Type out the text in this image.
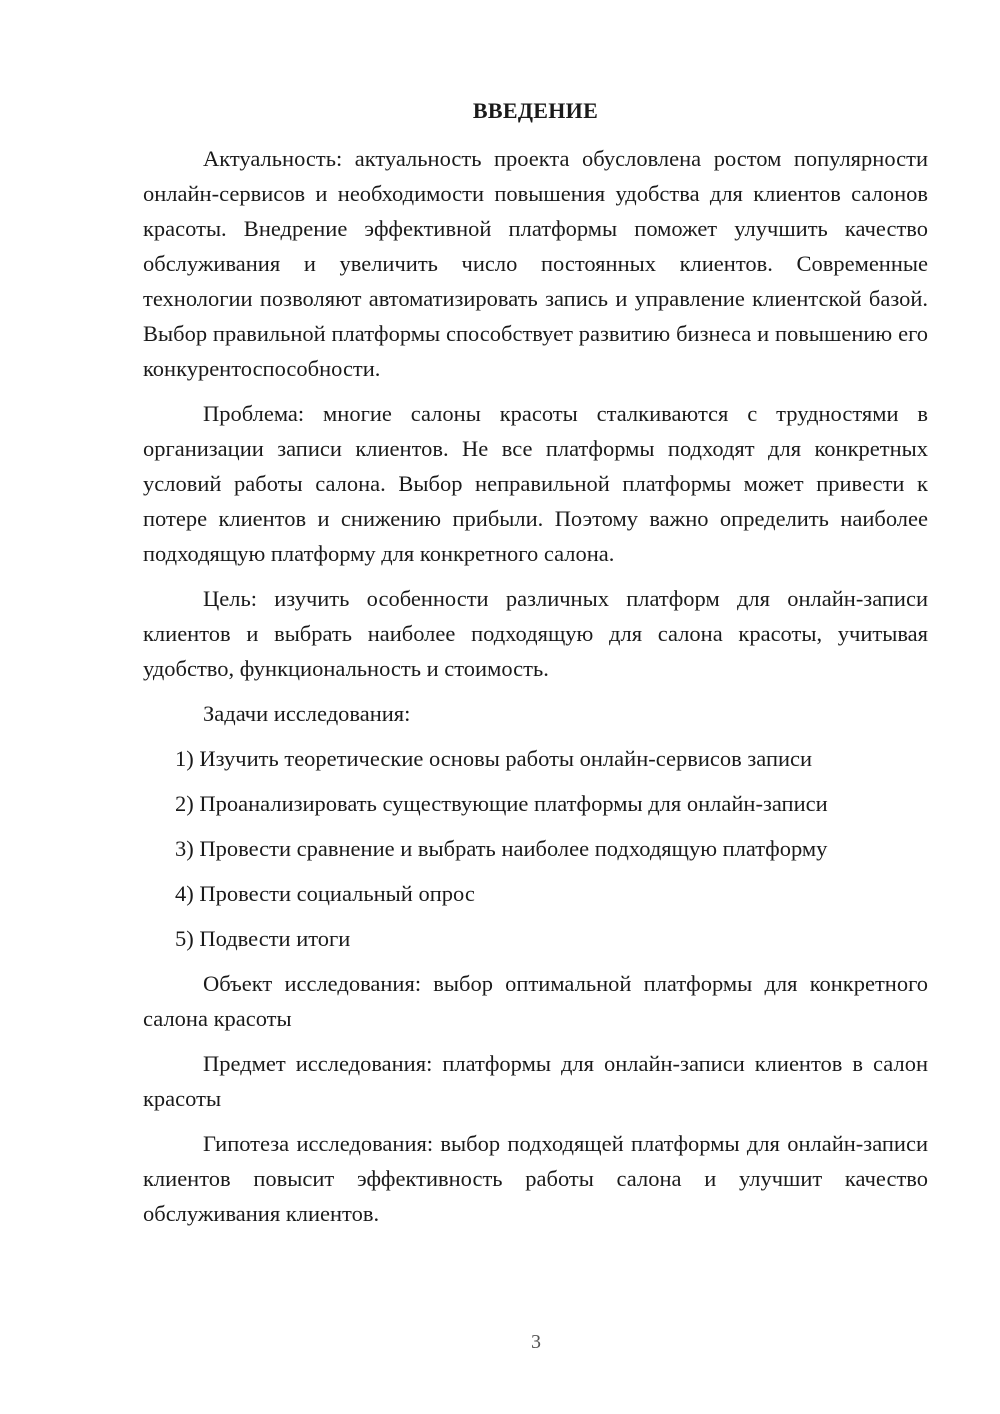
ВВЕДЕНИЕ

Актуальность: актуальность проекта обусловлена ростом популярности онлайн-сервисов и необходимости повышения удобства для клиентов салонов красоты. Внедрение эффективной платформы поможет улучшить качество обслуживания и увеличить число постоянных клиентов. Современные технологии позволяют автоматизировать запись и управление клиентской базой. Выбор правильной платформы способствует развитию бизнеса и повышению его конкурентоспособности.

Проблема: многие салоны красоты сталкиваются с трудностями в организации записи клиентов. Не все платформы подходят для конкретных условий работы салона. Выбор неправильной платформы может привести к потере клиентов и снижению прибыли. Поэтому важно определить наиболее подходящую платформу для конкретного салона.

Цель: изучить особенности различных платформ для онлайн-записи клиентов и выбрать наиболее подходящую для салона красоты, учитывая удобство, функциональность и стоимость.

Задачи исследования:

1) Изучить теоретические основы работы онлайн-сервисов записи
2) Проанализировать существующие платформы для онлайн-записи
3) Провести сравнение и выбрать наиболее подходящую платформу
4) Провести социальный опрос
5) Подвести итоги

Объект исследования: выбор оптимальной платформы для конкретного салона красоты

Предмет исследования: платформы для онлайн-записи клиентов в салон красоты

Гипотеза исследования: выбор подходящей платформы для онлайн-записи клиентов повысит эффективность работы салона и улучшит качество обслуживания клиентов.

3
